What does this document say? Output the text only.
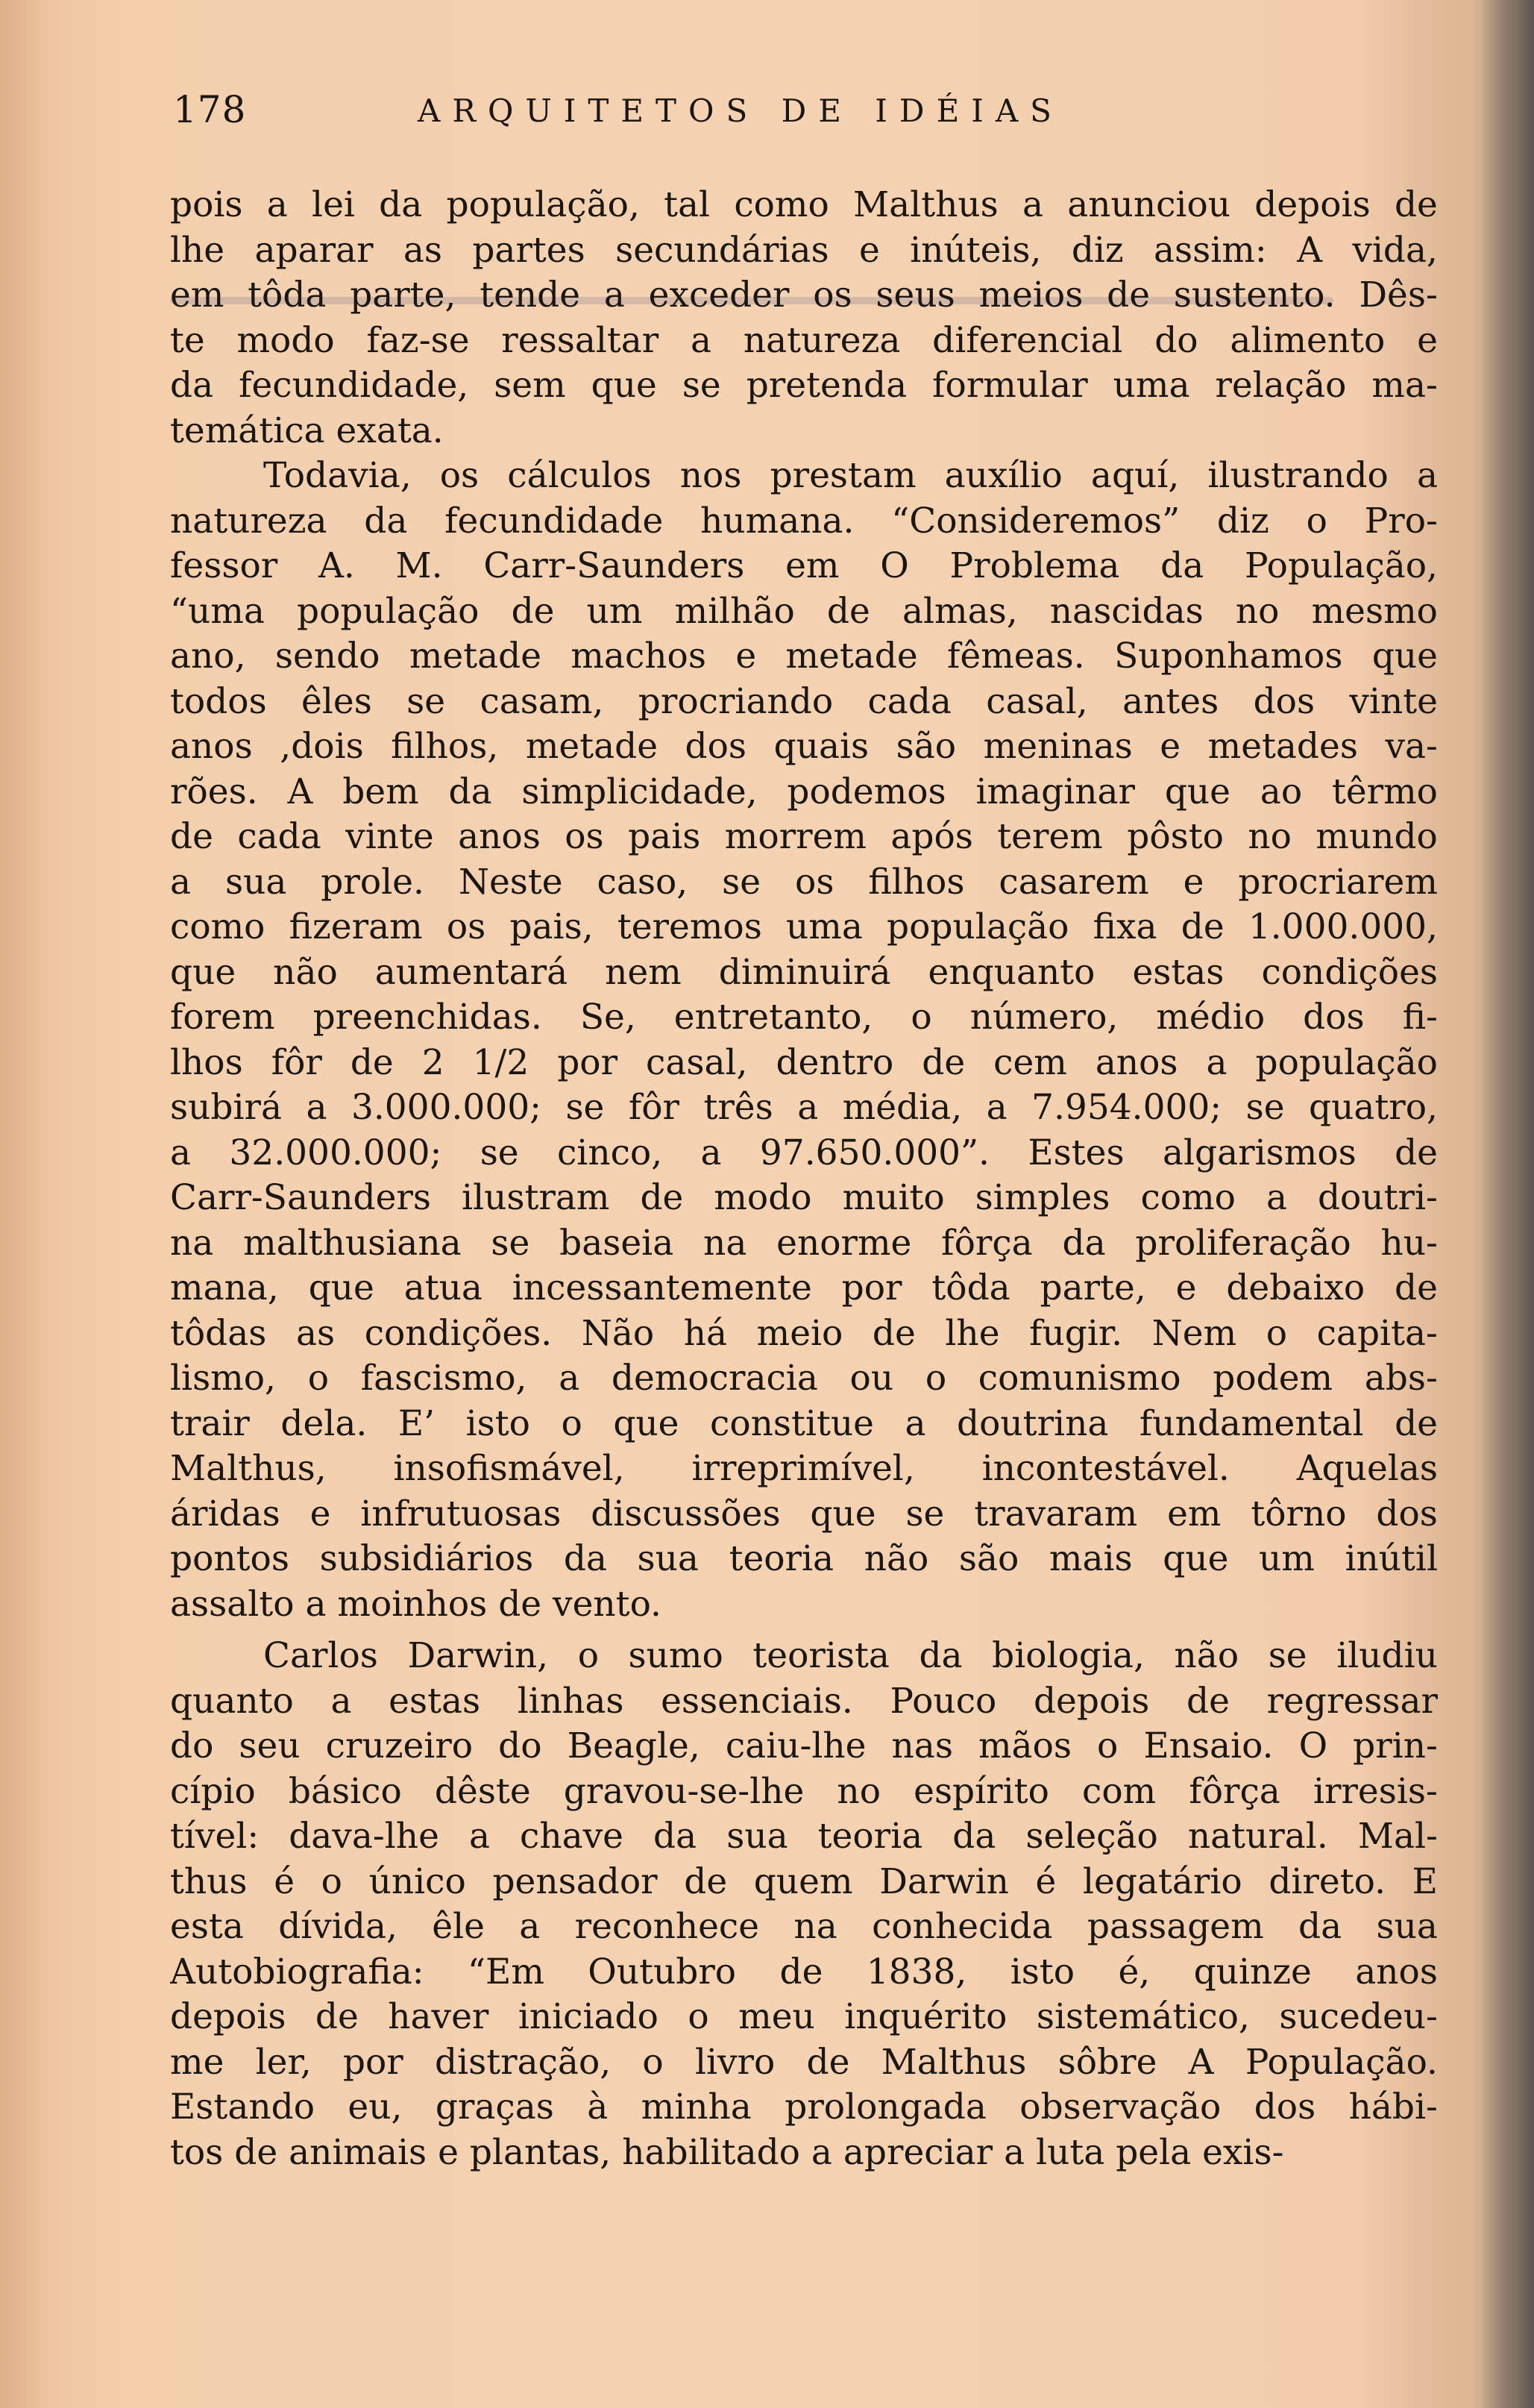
178	ARQUITETOS DE IDÉIAS
pois a lei da população, tal como Malthus a anunciou depois de
lhe aparar as partes secundárias e inúteis, diz assim: A vida,
em tôda parte, tende a exceder os seus meios de sustento. Dês-
te modo faz-se ressaltar a natureza diferencial do alimento e
da fecundidade, sem que se pretenda formular uma relação ma-
temática exata.
Todavia, os cálculos nos prestam auxílio aquí, ilustrando a
natureza da fecundidade humana. “Consideremos” diz o Pro-
fessor A. M. Carr-Saunders em O Problema da População,
“uma população de um milhão de almas, nascidas no mesmo
ano, sendo metade machos e metade fêmeas. Suponhamos que
todos êles se casam, procriando cada casal, antes dos vinte
anos ,dois filhos, metade dos quais são meninas e metades va-
rões. A bem da simplicidade, podemos imaginar que ao têrmo
de cada vinte anos os pais morrem após terem pôsto no mundo
a sua prole. Neste caso, se os filhos casarem e procriarem
como fizeram os pais, teremos uma população fixa de 1.000.000,
que não aumentará nem diminuirá enquanto estas condições
forem preenchidas. Se, entretanto, o número, médio dos fi-
lhos fôr de 2 1/2 por casal, dentro de cem anos a população
subirá a 3.000.000; se fôr três a média, a 7.954.000; se quatro,
a 32.000.000; se cinco, a 97.650.000”. Estes algarismos de
Carr-Saunders ilustram de modo muito simples como a doutri-
na malthusiana se baseia na enorme fôrça da proliferação hu-
mana, que atua incessantemente por tôda parte, e debaixo de
tôdas as condições. Não há meio de lhe fugir. Nem o capita-
lismo, o fascismo, a democracia ou o comunismo podem abs-
trair dela. E’ isto o que constitue a doutrina fundamental de
Malthus, insofismável, irreprimível, incontestável. Aquelas
áridas e infrutuosas discussões que se travaram em tôrno dos
pontos subsidiários da sua teoria não são mais que um inútil
assalto a moinhos de vento.
Carlos Darwin, o sumo teorista da biologia, não se iludiu
quanto a estas linhas essenciais. Pouco depois de regressar
do seu cruzeiro do Beagle, caiu-lhe nas mãos o Ensaio. O prin-
cípio básico dêste gravou-se-lhe no espírito com fôrça irresis-
tível: dava-lhe a chave da sua teoria da seleção natural. Mal-
thus é o único pensador de quem Darwin é legatário direto. E
esta dívida, êle a reconhece na conhecida passagem da sua
Autobiografia: “Em Outubro de 1838, isto é, quinze anos
depois de haver iniciado o meu inquérito sistemático, sucedeu-
me ler, por distração, o livro de Malthus sôbre A População.
Estando eu, graças à minha prolongada observação dos hábi-
tos de animais e plantas, habilitado a apreciar a luta pela exis-
